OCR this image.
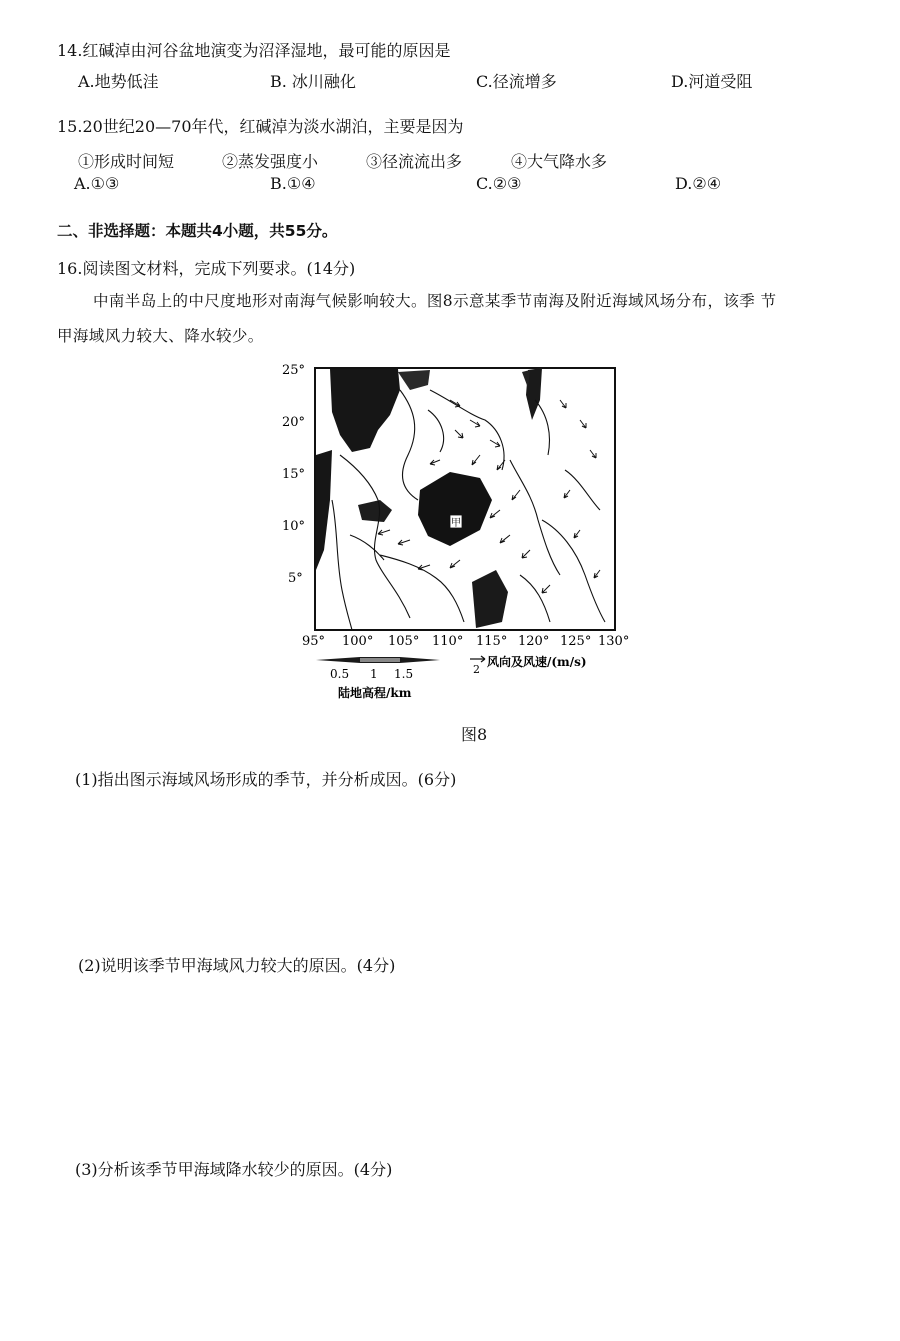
14.红碱淖由河谷盆地演变为沼泽湿地，最可能的原因是
A.地势低洼	B. 冰川融化	C.径流增多	D.河道受阻
15.20世纪20—70年代，红碱淖为淡水湖泊，主要是因为
①形成时间短	②蒸发强度小	③径流流出多	④大气降水多
A.①③	B.①④	C.②③	D.②④
二、非选择题：本题共4小题，共55分。
16.阅读图文材料，完成下列要求。(14分)
中南半岛上的中尺度地形对南海气候影响较大。图8示意某季节南海及附近海域风场分布，该季 节
甲海域风力较大、降水较少。
甲
25°
20°
15°
10°
5°
95° 100° 105° 110° 115° 120° 125° 130°
0.5 1 1.5
陆地高程/km
2
风向及风速/(m/s)
图8
(1)指出图示海域风场形成的季节，并分析成因。(6分)
(2)说明该季节甲海域风力较大的原因。(4分)
(3)分析该季节甲海域降水较少的原因。(4分)
